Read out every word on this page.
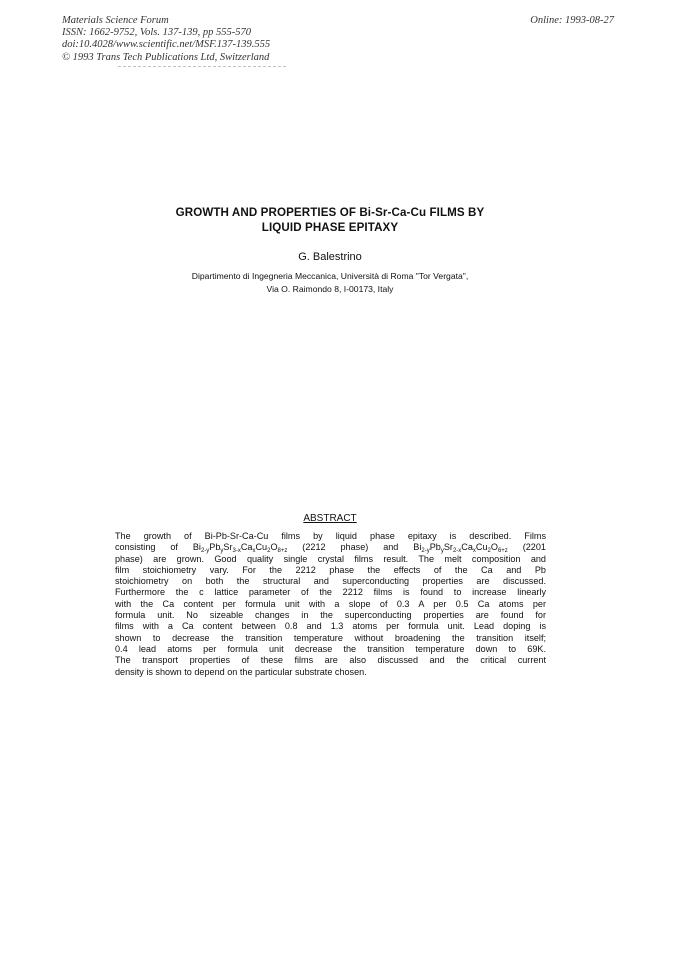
Materials Science Forum
ISSN: 1662-9752, Vols. 137-139, pp 555-570
doi:10.4028/www.scientific.net/MSF.137-139.555
© 1993 Trans Tech Publications Ltd, Switzerland
Online: 1993-08-27
GROWTH AND PROPERTIES OF Bi-Sr-Ca-Cu FILMS BY
LIQUID PHASE EPITAXY
G. Balestrino
Dipartimento di Ingegneria Meccanica, Università di Roma "Tor Vergata",
Via O. Raimondo 8, I-00173, Italy
ABSTRACT
The growth of Bi-Pb-Sr-Ca-Cu films by liquid phase epitaxy is described. Films
consisting of $Bi_{2-y}Pb_ySr_{3-x}Ca_xCu_2O_{8+z}$ (2212 phase) and $Bi_{2-y}Pb_ySr_{2-x}Ca_xCu_2O_{6+z}$ (2201
phase) are grown. Good quality single crystal films result. The melt composition and
film stoichiometry vary. For the 2212 phase the effects of the Ca and Pb
stoichiometry on both the structural and superconducting properties are discussed.
Furthermore the c lattice parameter of the 2212 films is found to increase linearly
with the Ca content per formula unit with a slope of 0.3 A per 0.5 Ca atoms per
formula unit. No sizeable changes in the superconducting properties are found for
films with a Ca content between 0.8 and 1.3 atoms per formula unit. Lead doping is
shown to decrease the transition temperature without broadening the transition itself;
0.4 lead atoms per formula unit decrease the transition temperature down to 69K.
The transport properties of these films are also discussed and the critical current
density is shown to depend on the particular substrate chosen.
